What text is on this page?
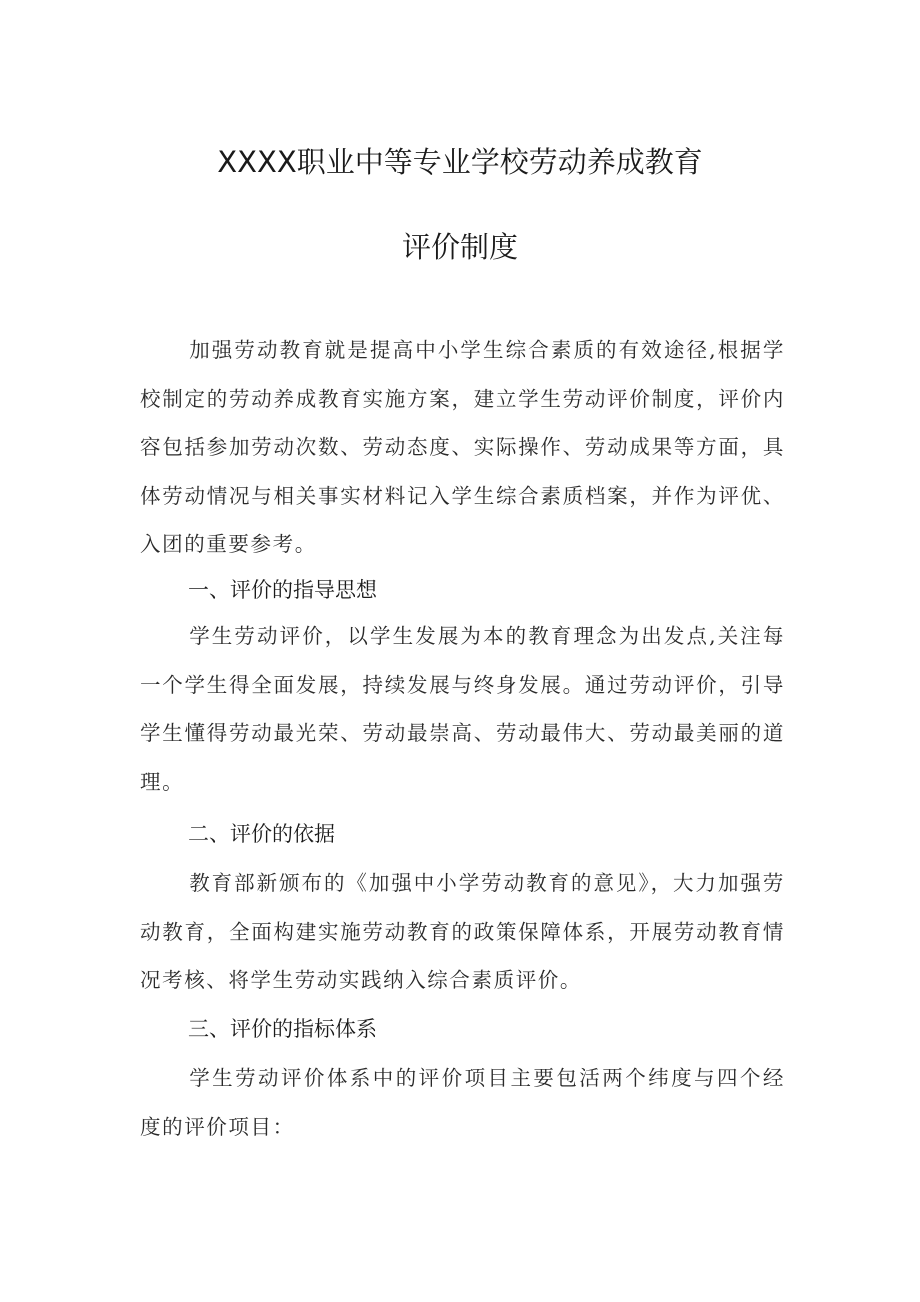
XXXX职业中等专业学校劳动养成教育
评价制度

加强劳动教育就是提高中小学生综合素质的有效途径,根据学校制定的劳动养成教育实施方案，建立学生劳动评价制度，评价内容包括参加劳动次数、劳动态度、实际操作、劳动成果等方面，具体劳动情况与相关事实材料记入学生综合素质档案，并作为评优、入团的重要参考。

一、评价的指导思想

学生劳动评价，以学生发展为本的教育理念为出发点,关注每一个学生得全面发展，持续发展与终身发展。通过劳动评价，引导学生懂得劳动最光荣、劳动最崇高、劳动最伟大、劳动最美丽的道理。

二、评价的依据

教育部新颁布的《加强中小学劳动教育的意见》，大力加强劳动教育，全面构建实施劳动教育的政策保障体系，开展劳动教育情况考核、将学生劳动实践纳入综合素质评价。

三、评价的指标体系

学生劳动评价体系中的评价项目主要包活两个纬度与四个经度的评价项目：
